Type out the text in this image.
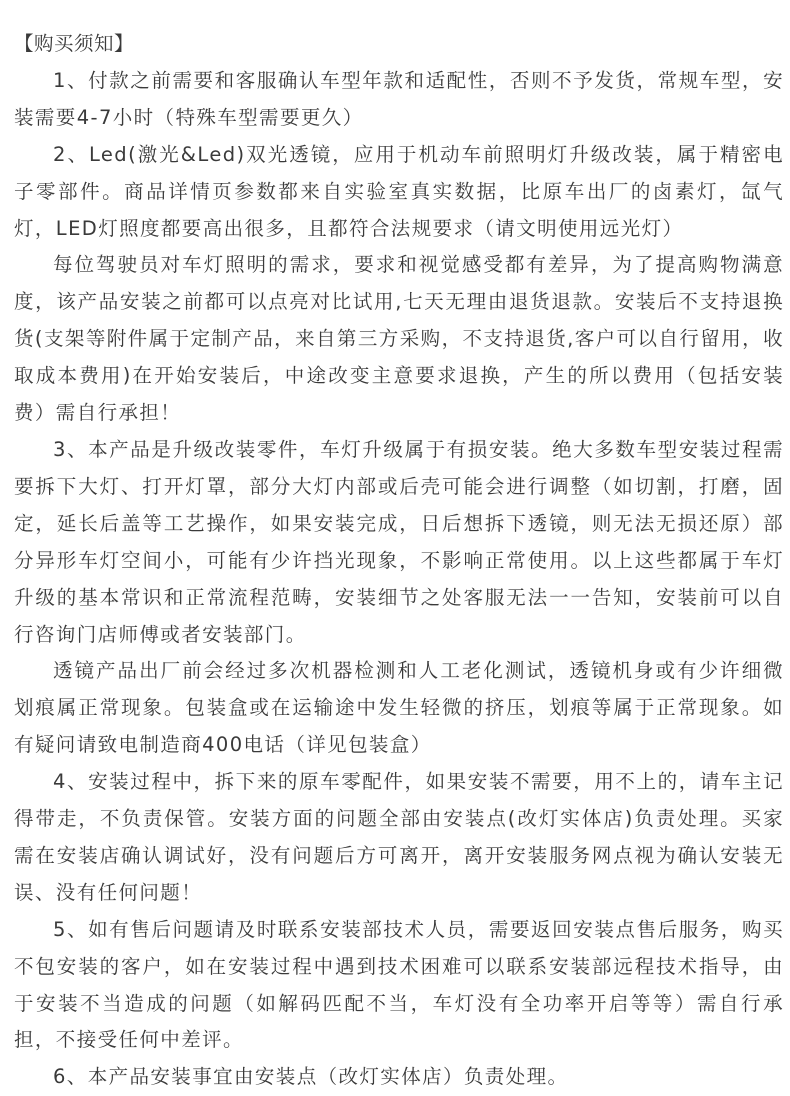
【购买须知】

1、付款之前需要和客服确认车型年款和适配性，否则不予发货，常规车型，安装需要4-7小时（特殊车型需要更久）

2、Led(激光&Led)双光透镜，应用于机动车前照明灯升级改装，属于精密电子零部件。商品详情页参数都来自实验室真实数据，比原车出厂的卤素灯，氙气灯，LED灯照度都要高出很多，且都符合法规要求（请文明使用远光灯）

每位驾驶员对车灯照明的需求，要求和视觉感受都有差异，为了提高购物满意度，该产品安装之前都可以点亮对比试用,七天无理由退货退款。安装后不支持退换货(支架等附件属于定制产品，来自第三方采购，不支持退货,客户可以自行留用，收取成本费用)在开始安装后，中途改变主意要求退换，产生的所以费用（包括安装费）需自行承担！

3、本产品是升级改装零件，车灯升级属于有损安装。绝大多数车型安装过程需要拆下大灯、打开灯罩，部分大灯内部或后壳可能会进行调整（如切割，打磨，固定，延长后盖等工艺操作，如果安装完成，日后想拆下透镜，则无法无损还原）部分异形车灯空间小，可能有少许挡光现象，不影响正常使用。以上这些都属于车灯升级的基本常识和正常流程范畴，安装细节之处客服无法一一告知，安装前可以自行咨询门店师傅或者安装部门。

透镜产品出厂前会经过多次机器检测和人工老化测试，透镜机身或有少许细微划痕属正常现象。包装盒或在运输途中发生轻微的挤压，划痕等属于正常现象。如有疑问请致电制造商400电话（详见包装盒）

4、安装过程中，拆下来的原车零配件，如果安装不需要，用不上的，请车主记得带走，不负责保管。安装方面的问题全部由安装点(改灯实体店)负责处理。买家需在安装店确认调试好，没有问题后方可离开，离开安装服务网点视为确认安装无误、没有任何问题！

5、如有售后问题请及时联系安装部技术人员，需要返回安装点售后服务，购买不包安装的客户，如在安装过程中遇到技术困难可以联系安装部远程技术指导，由于安装不当造成的问题（如解码匹配不当，车灯没有全功率开启等等）需自行承担，不接受任何中差评。

6、本产品安装事宜由安装点（改灯实体店）负责处理。
